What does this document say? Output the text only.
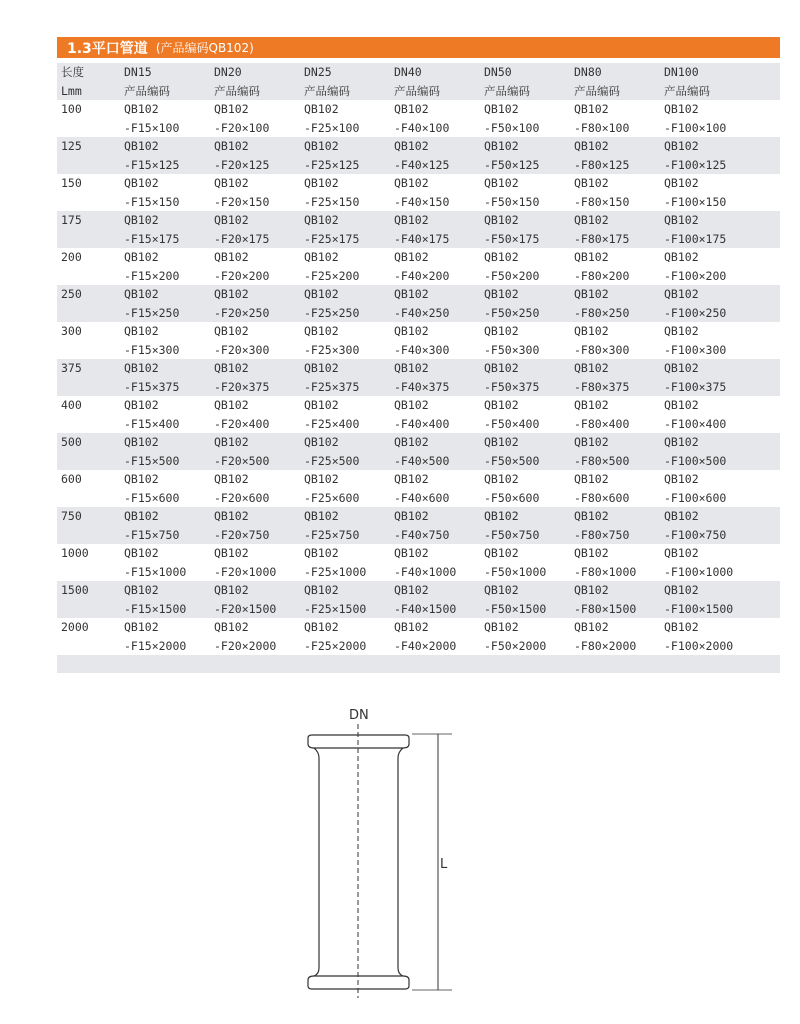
1.3平口管道 (产品编码QB102)
长度	DN15	DN20	DN25	DN40	DN50	DN80	DN100
Lmm	产品编码	产品编码	产品编码	产品编码	产品编码	产品编码	产品编码
100	QB102	QB102	QB102	QB102	QB102	QB102	QB102
-F15×100	-F20×100	-F25×100	-F40×100	-F50×100	-F80×100	-F100×100
125	QB102	QB102	QB102	QB102	QB102	QB102	QB102
-F15×125	-F20×125	-F25×125	-F40×125	-F50×125	-F80×125	-F100×125
150	QB102	QB102	QB102	QB102	QB102	QB102	QB102
-F15×150	-F20×150	-F25×150	-F40×150	-F50×150	-F80×150	-F100×150
175	QB102	QB102	QB102	QB102	QB102	QB102	QB102
-F15×175	-F20×175	-F25×175	-F40×175	-F50×175	-F80×175	-F100×175
200	QB102	QB102	QB102	QB102	QB102	QB102	QB102
-F15×200	-F20×200	-F25×200	-F40×200	-F50×200	-F80×200	-F100×200
250	QB102	QB102	QB102	QB102	QB102	QB102	QB102
-F15×250	-F20×250	-F25×250	-F40×250	-F50×250	-F80×250	-F100×250
300	QB102	QB102	QB102	QB102	QB102	QB102	QB102
-F15×300	-F20×300	-F25×300	-F40×300	-F50×300	-F80×300	-F100×300
375	QB102	QB102	QB102	QB102	QB102	QB102	QB102
-F15×375	-F20×375	-F25×375	-F40×375	-F50×375	-F80×375	-F100×375
400	QB102	QB102	QB102	QB102	QB102	QB102	QB102
-F15×400	-F20×400	-F25×400	-F40×400	-F50×400	-F80×400	-F100×400
500	QB102	QB102	QB102	QB102	QB102	QB102	QB102
-F15×500	-F20×500	-F25×500	-F40×500	-F50×500	-F80×500	-F100×500
600	QB102	QB102	QB102	QB102	QB102	QB102	QB102
-F15×600	-F20×600	-F25×600	-F40×600	-F50×600	-F80×600	-F100×600
750	QB102	QB102	QB102	QB102	QB102	QB102	QB102
-F15×750	-F20×750	-F25×750	-F40×750	-F50×750	-F80×750	-F100×750
1000	QB102	QB102	QB102	QB102	QB102	QB102	QB102
-F15×1000 -F20×1000 -F25×1000 -F40×1000 -F50×1000 -F80×1000 -F100×1000
1500	QB102	QB102	QB102	QB102	QB102	QB102	QB102
-F15×1500 -F20×1500 -F25×1500 -F40×1500 -F50×1500 -F80×1500 -F100×1500
2000	QB102	QB102	QB102	QB102	QB102	QB102	QB102
-F15×2000 -F20×2000 -F25×2000 -F40×2000 -F50×2000 -F80×2000 -F100×2000
DN
L
